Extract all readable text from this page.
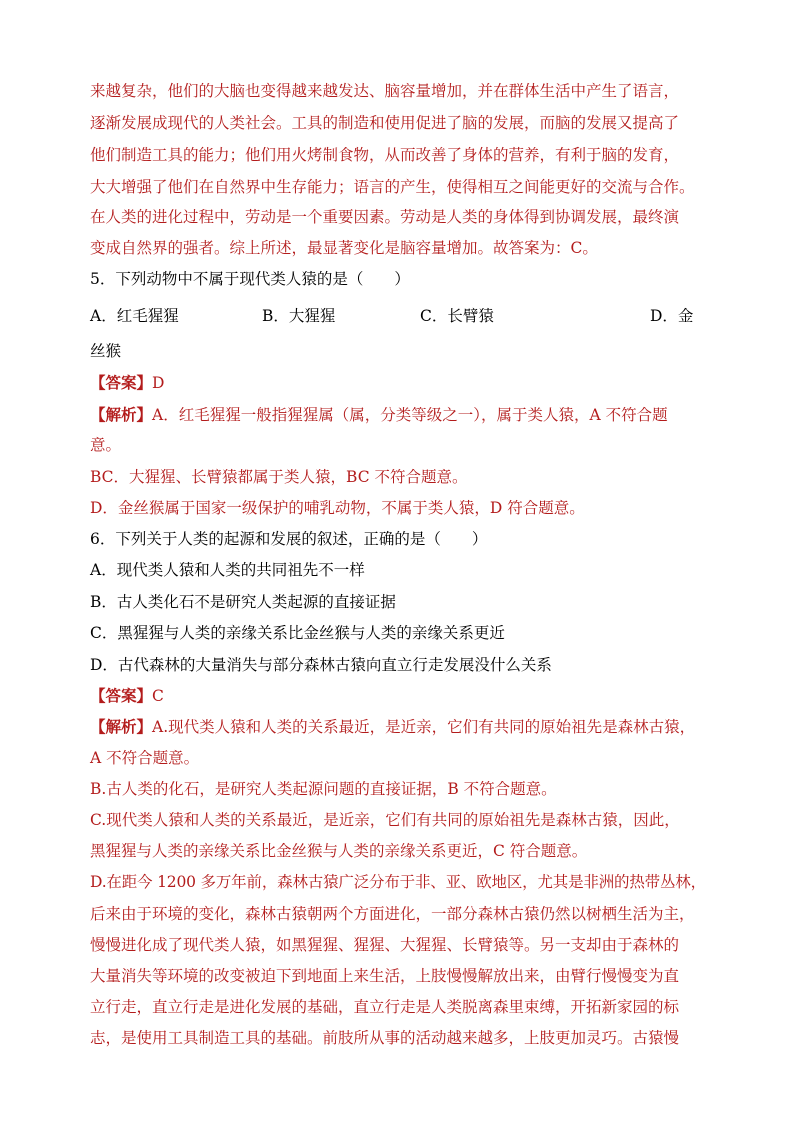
来越复杂，他们的大脑也变得越来越发达、脑容量增加，并在群体生活中产生了语言，
逐渐发展成现代的人类社会。工具的制造和使用促进了脑的发展，而脑的发展又提高了
他们制造工具的能力；他们用火烤制食物，从而改善了身体的营养，有利于脑的发育，
大大增强了他们在自然界中生存能力；语言的产生，使得相互之间能更好的交流与合作。
在人类的进化过程中，劳动是一个重要因素。劳动是人类的身体得到协调发展，最终演
变成自然界的强者。综上所述，最显著变化是脑容量增加。故答案为：C。
5．下列动物中不属于现代类人猿的是（　　）
A．红毛猩猩	B．大猩猩	C．长臂猿	D．金
丝猴
【答案】D
【解析】A．红毛猩猩一般指猩猩属（属，分类等级之一），属于类人猿，A 不符合题
意。
BC．大猩猩、长臂猿都属于类人猿，BC 不符合题意。
D．金丝猴属于国家一级保护的哺乳动物，不属于类人猿，D 符合题意。
6．下列关于人类的起源和发展的叙述，正确的是（　　）
A．现代类人猿和人类的共同祖先不一样
B．古人类化石不是研究人类起源的直接证据
C．黑猩猩与人类的亲缘关系比金丝猴与人类的亲缘关系更近
D．古代森林的大量消失与部分森林古猿向直立行走发展没什么关系
【答案】C
【解析】A.现代类人猿和人类的关系最近，是近亲，它们有共同的原始祖先是森林古猿，
A 不符合题意。
B.古人类的化石，是研究人类起源问题的直接证据，B 不符合题意。
C.现代类人猿和人类的关系最近，是近亲，它们有共同的原始祖先是森林古猿，因此，
黑猩猩与人类的亲缘关系比金丝猴与人类的亲缘关系更近，C 符合题意。
D.在距今 1200 多万年前，森林古猿广泛分布于非、亚、欧地区，尤其是非洲的热带丛林，
后来由于环境的变化，森林古猿朝两个方面进化，一部分森林古猿仍然以树栖生活为主，
慢慢进化成了现代类人猿，如黑猩猩、猩猩、大猩猩、长臂猿等。另一支却由于森林的
大量消失等环境的改变被迫下到地面上来生活，上肢慢慢解放出来，由臂行慢慢变为直
立行走，直立行走是进化发展的基础，直立行走是人类脱离森里束缚，开拓新家园的标
志，是使用工具制造工具的基础。前肢所从事的活动越来越多，上肢更加灵巧。古猿慢
